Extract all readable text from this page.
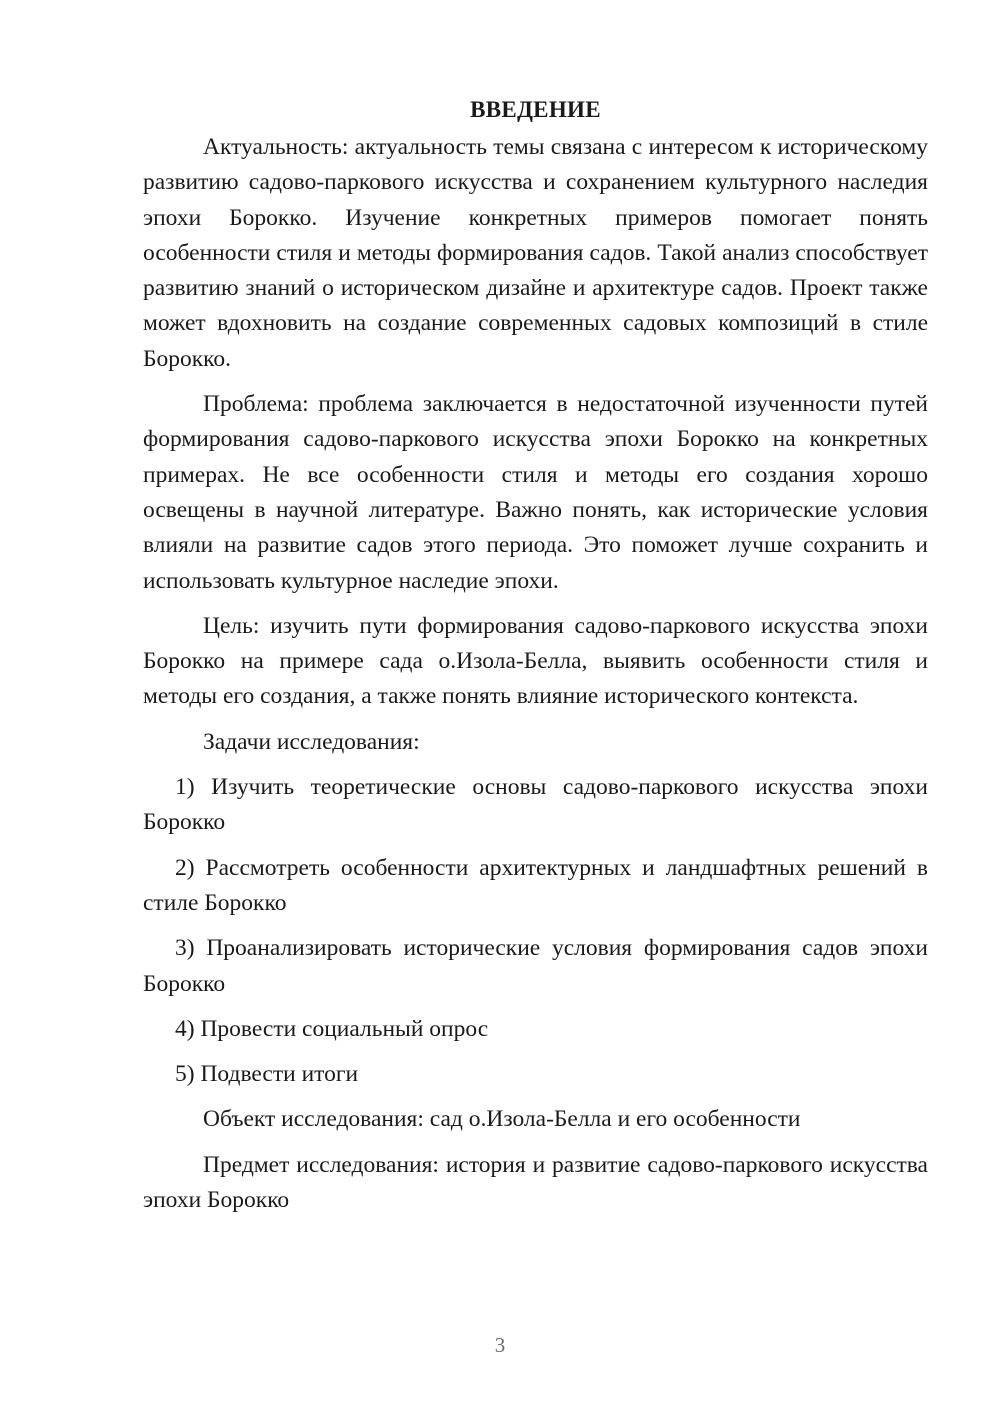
ВВЕДЕНИЕ

Актуальность: актуальность темы связана с интересом к историческому развитию садово-паркового искусства и сохранением культурного наследия эпохи Борокко. Изучение конкретных примеров помогает понять особенности стиля и методы формирования садов. Такой анализ способствует развитию знаний о историческом дизайне и архитектуре садов. Проект также может вдохновить на создание современных садовых композиций в стиле Борокко.

Проблема: проблема заключается в недостаточной изученности путей формирования садово-паркового искусства эпохи Борокко на конкретных примерах. Не все особенности стиля и методы его создания хорошо освещены в научной литературе. Важно понять, как исторические условия влияли на развитие садов этого периода. Это поможет лучше сохранить и использовать культурное наследие эпохи.

Цель: изучить пути формирования садово-паркового искусства эпохи Борокко на примере сада о.Изола-Белла, выявить особенности стиля и методы его создания, а также понять влияние исторического контекста.

Задачи исследования:

1) Изучить теоретические основы садово-паркового искусства эпохи Борокко

2) Рассмотреть особенности архитектурных и ландшафтных решений в стиле Борокко

3) Проанализировать исторические условия формирования садов эпохи Борокко

4) Провести социальный опрос

5) Подвести итоги

Объект исследования: сад о.Изола-Белла и его особенности

Предмет исследования: история и развитие садово-паркового искусства эпохи Борокко

3
